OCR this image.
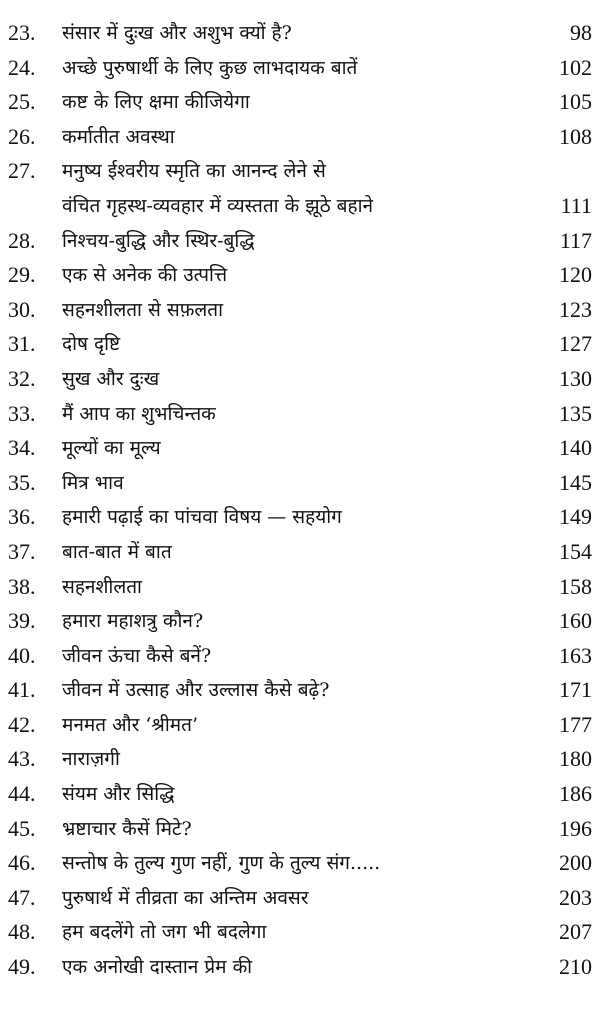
23.	संसार में दुःख और अशुभ क्यों है?	98
24.	अच्छे पुरुषार्थी के लिए कुछ लाभदायक बातें	102
25.	कष्ट के लिए क्षमा कीजियेगा	105
26.	कर्मातीत अवस्था	108
27.	मनुष्य ईश्वरीय स्मृति का आनन्द लेने से
वंचित गृहस्थ-व्यवहार में व्यस्तता के झूठे बहाने	111
28.	निश्चय-बुद्धि और स्थिर-बुद्धि	117
29.	एक से अनेक की उत्पत्ति	120
30.	सहनशीलता से सफ़लता	123
31.	दोष दृष्टि	127
32.	सुख और दुःख	130
33.	मैं आप का शुभचिन्तक	135
34.	मूल्यों का मूल्य	140
35.	मित्र भाव	145
36.	हमारी पढ़ाई का पांचवा विषय — सहयोग	149
37.	बात-बात में बात	154
38.	सहनशीलता	158
39.	हमारा महाशत्रु कौन?	160
40.	जीवन ऊंचा कैसे बनें?	163
41.	जीवन में उत्साह और उल्लास कैसे बढ़े?	171
42.	मनमत और ‘श्रीमत’	177
43.	नाराज़गी	180
44.	संयम और सिद्धि	186
45.	भ्रष्टाचार कैसें मिटे?	196
46.	सन्तोष के तुल्य गुण नहीं, गुण के तुल्य संग.....	200
47.	पुरुषार्थ में तीव्रता का अन्तिम अवसर	203
48.	हम बदलेंगे तो जग भी बदलेगा	207
49.	एक अनोखी दास्तान प्रेम की	210
